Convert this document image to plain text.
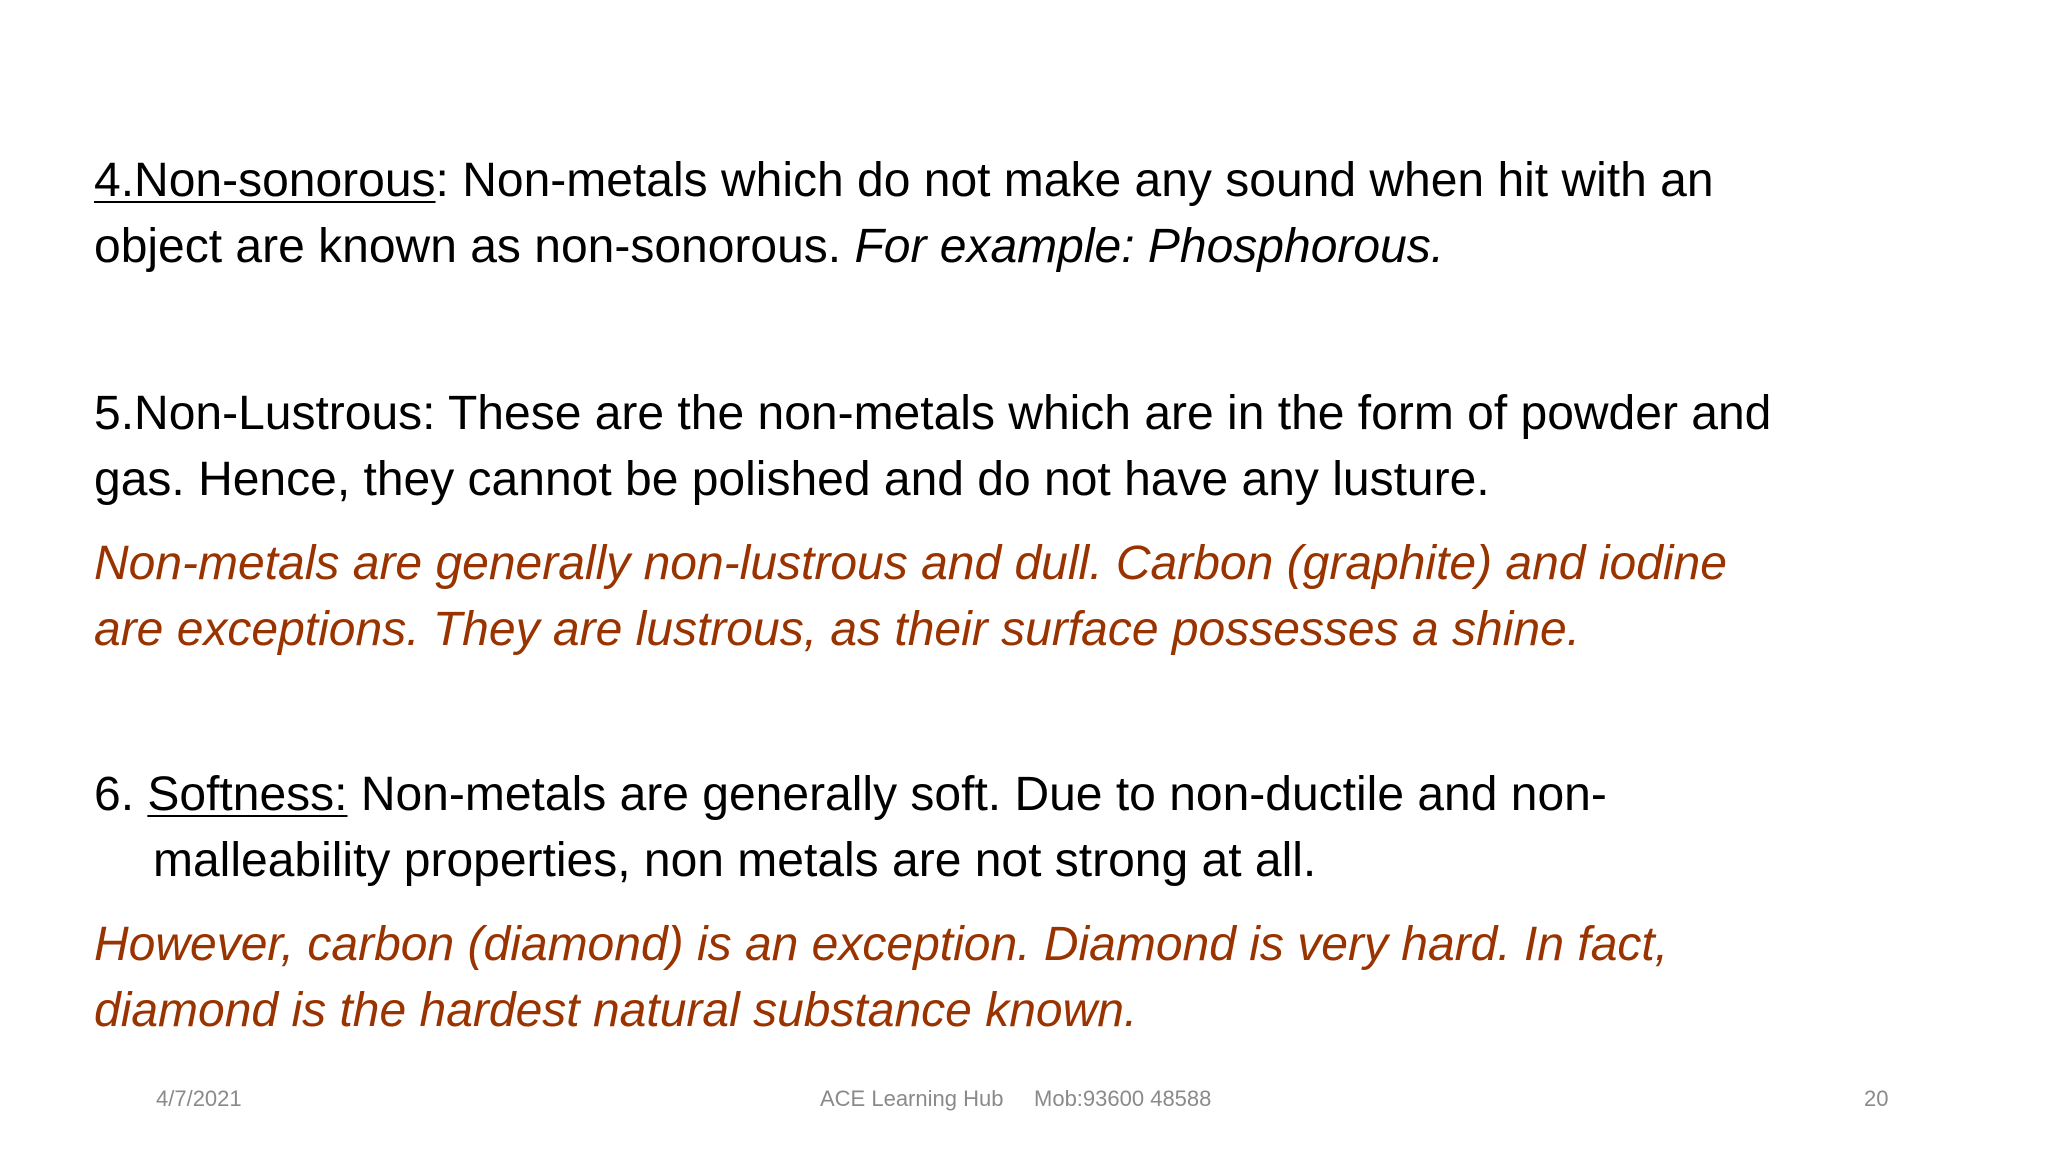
4.Non-sonorous: Non-metals which do not make any sound when hit with an

object are known as non-sonorous. For example: Phosphorous.

5.Non-Lustrous: These are the non-metals which are in the form of powder and

gas. Hence, they cannot be polished and do not have any lusture.

Non-metals are generally non-lustrous and dull. Carbon (graphite) and iodine

are exceptions. They are lustrous, as their surface possesses a shine.

6. Softness: Non-metals are generally soft. Due to non-ductile and non-

malleability properties, non metals are not strong at all.

However, carbon (diamond) is an exception. Diamond is very hard. In fact,

diamond is the hardest natural substance known.

4/7/2021	ACE Learning Hub     Mob:93600 48588	20
